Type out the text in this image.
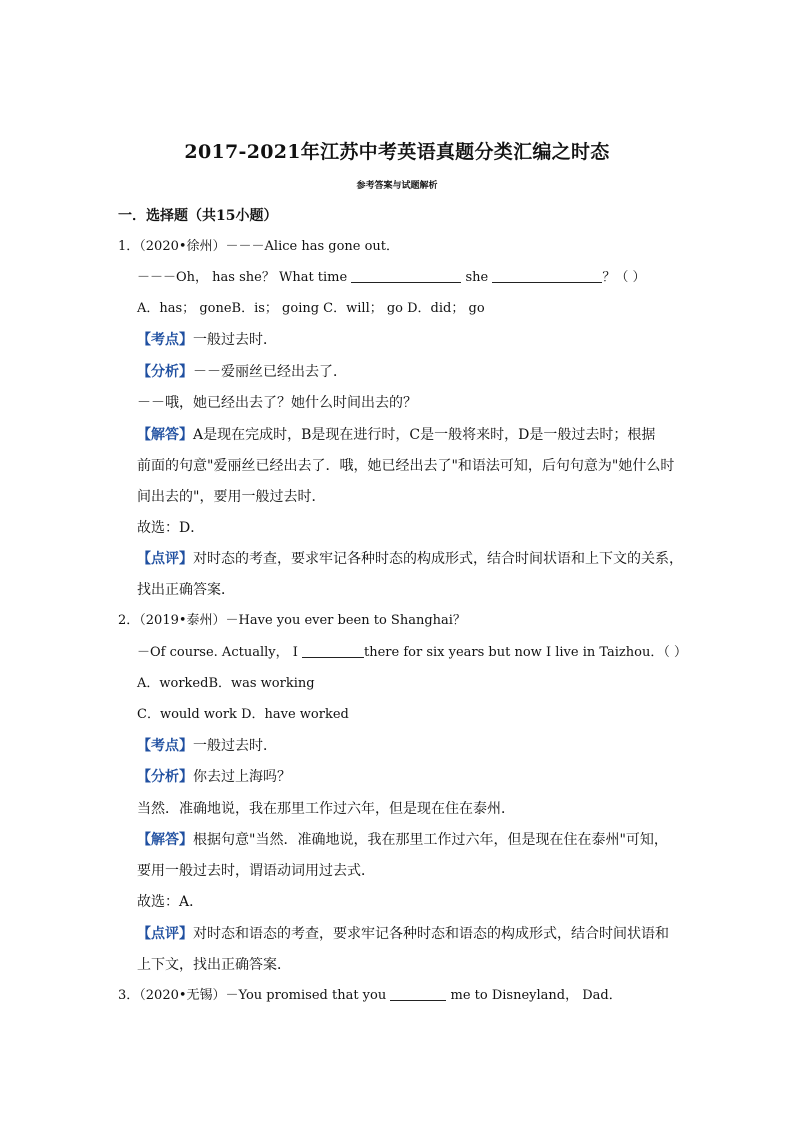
2017-2021年江苏中考英语真题分类汇编之时态
参考答案与试题解析
一．选择题（共15小题）
1．（2020•徐州）－－－Alice has gone out．
－－－Oh， has she？ What time	she	？（ ）
A．has； goneB．is； going C．will； go D．did； go
【考点】一般过去时．
【分析】－－爱丽丝已经出去了．
－－哦，她已经出去了？她什么时间出去的？
【解答】A是现在完成时，B是现在进行时，C是一般将来时，D是一般过去时；根据
前面的句意"爱丽丝已经出去了．哦，她已经出去了"和语法可知，后句句意为"她什么时
间出去的"，要用一般过去时．
故选：D．
【点评】对时态的考查，要求牢记各种时态的构成形式，结合时间状语和上下文的关系，
找出正确答案．
2．（2019•泰州）－Have you ever been to Shanghai？
－Of course. Actually， I	there for six years but now I live in Taizhou．（ ）
A．workedB．was working
C．would work D．have worked
【考点】一般过去时．
【分析】你去过上海吗？
当然．准确地说，我在那里工作过六年，但是现在住在泰州．
【解答】根据句意"当然．准确地说，我在那里工作过六年，但是现在住在泰州"可知，
要用一般过去时，谓语动词用过去式．
故选：A．
【点评】对时态和语态的考查，要求牢记各种时态和语态的构成形式，结合时间状语和
上下文，找出正确答案．
3．（2020•无锡）－You promised that you	me to Disneyland， Dad．
